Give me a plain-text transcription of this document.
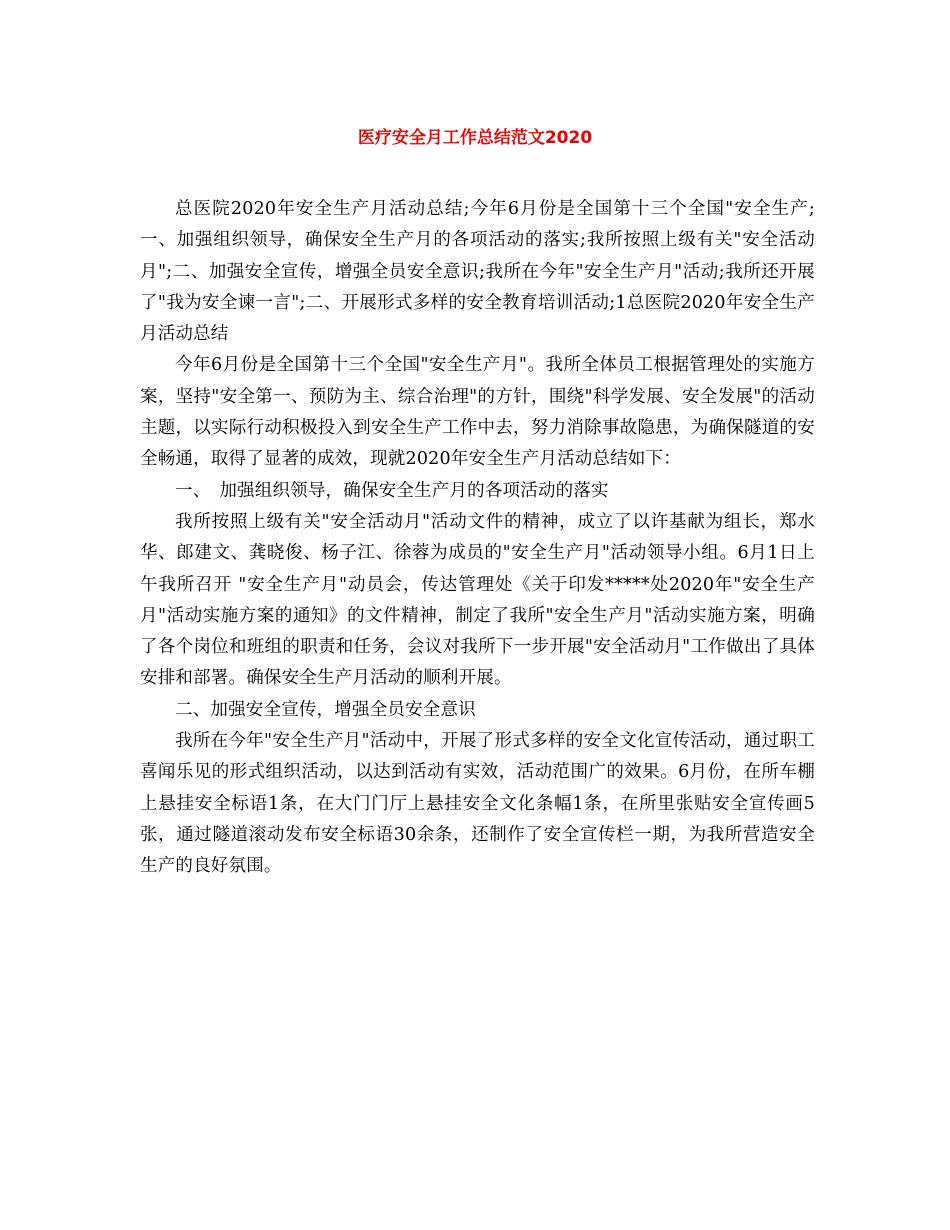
医疗安全月工作总结范文2020

总医院2020年安全生产月活动总结;今年6月份是全国第十三个全国"安全生产;一、加强组织领导，确保安全生产月的各项活动的落实;我所按照上级有关"安全活动月";二、加强安全宣传，增强全员安全意识;我所在今年"安全生产月"活动;我所还开展了"我为安全谏一言";二、开展形式多样的安全教育培训活动;1总医院2020年安全生产月活动总结

今年6月份是全国第十三个全国"安全生产月"。我所全体员工根据管理处的实施方案，坚持"安全第一、预防为主、综合治理"的方针，围绕"科学发展、安全发展"的活动主题，以实际行动积极投入到安全生产工作中去，努力消除事故隐患，为确保隧道的安全畅通，取得了显著的成效，现就2020年安全生产月活动总结如下：

一、　加强组织领导，确保安全生产月的各项活动的落实

我所按照上级有关"安全活动月"活动文件的精神，成立了以许基献为组长，郑水华、郎建文、龚晓俊、杨子江、徐蓉为成员的"安全生产月"活动领导小组。6月1日上午我所召开 "安全生产月"动员会，传达管理处《关于印发*****处2020年"安全生产月"活动实施方案的通知》的文件精神，制定了我所"安全生产月"活动实施方案，明确了各个岗位和班组的职责和任务，会议对我所下一步开展"安全活动月"工作做出了具体安排和部署。确保安全生产月活动的顺利开展。

二、加强安全宣传，增强全员安全意识

我所在今年"安全生产月"活动中，开展了形式多样的安全文化宣传活动，通过职工喜闻乐见的形式组织活动，以达到活动有实效，活动范围广的效果。6月份，在所车棚上悬挂安全标语1条，在大门门厅上悬挂安全文化条幅1条，在所里张贴安全宣传画5张，通过隧道滚动发布安全标语30余条，还制作了安全宣传栏一期，为我所营造安全生产的良好氛围。
